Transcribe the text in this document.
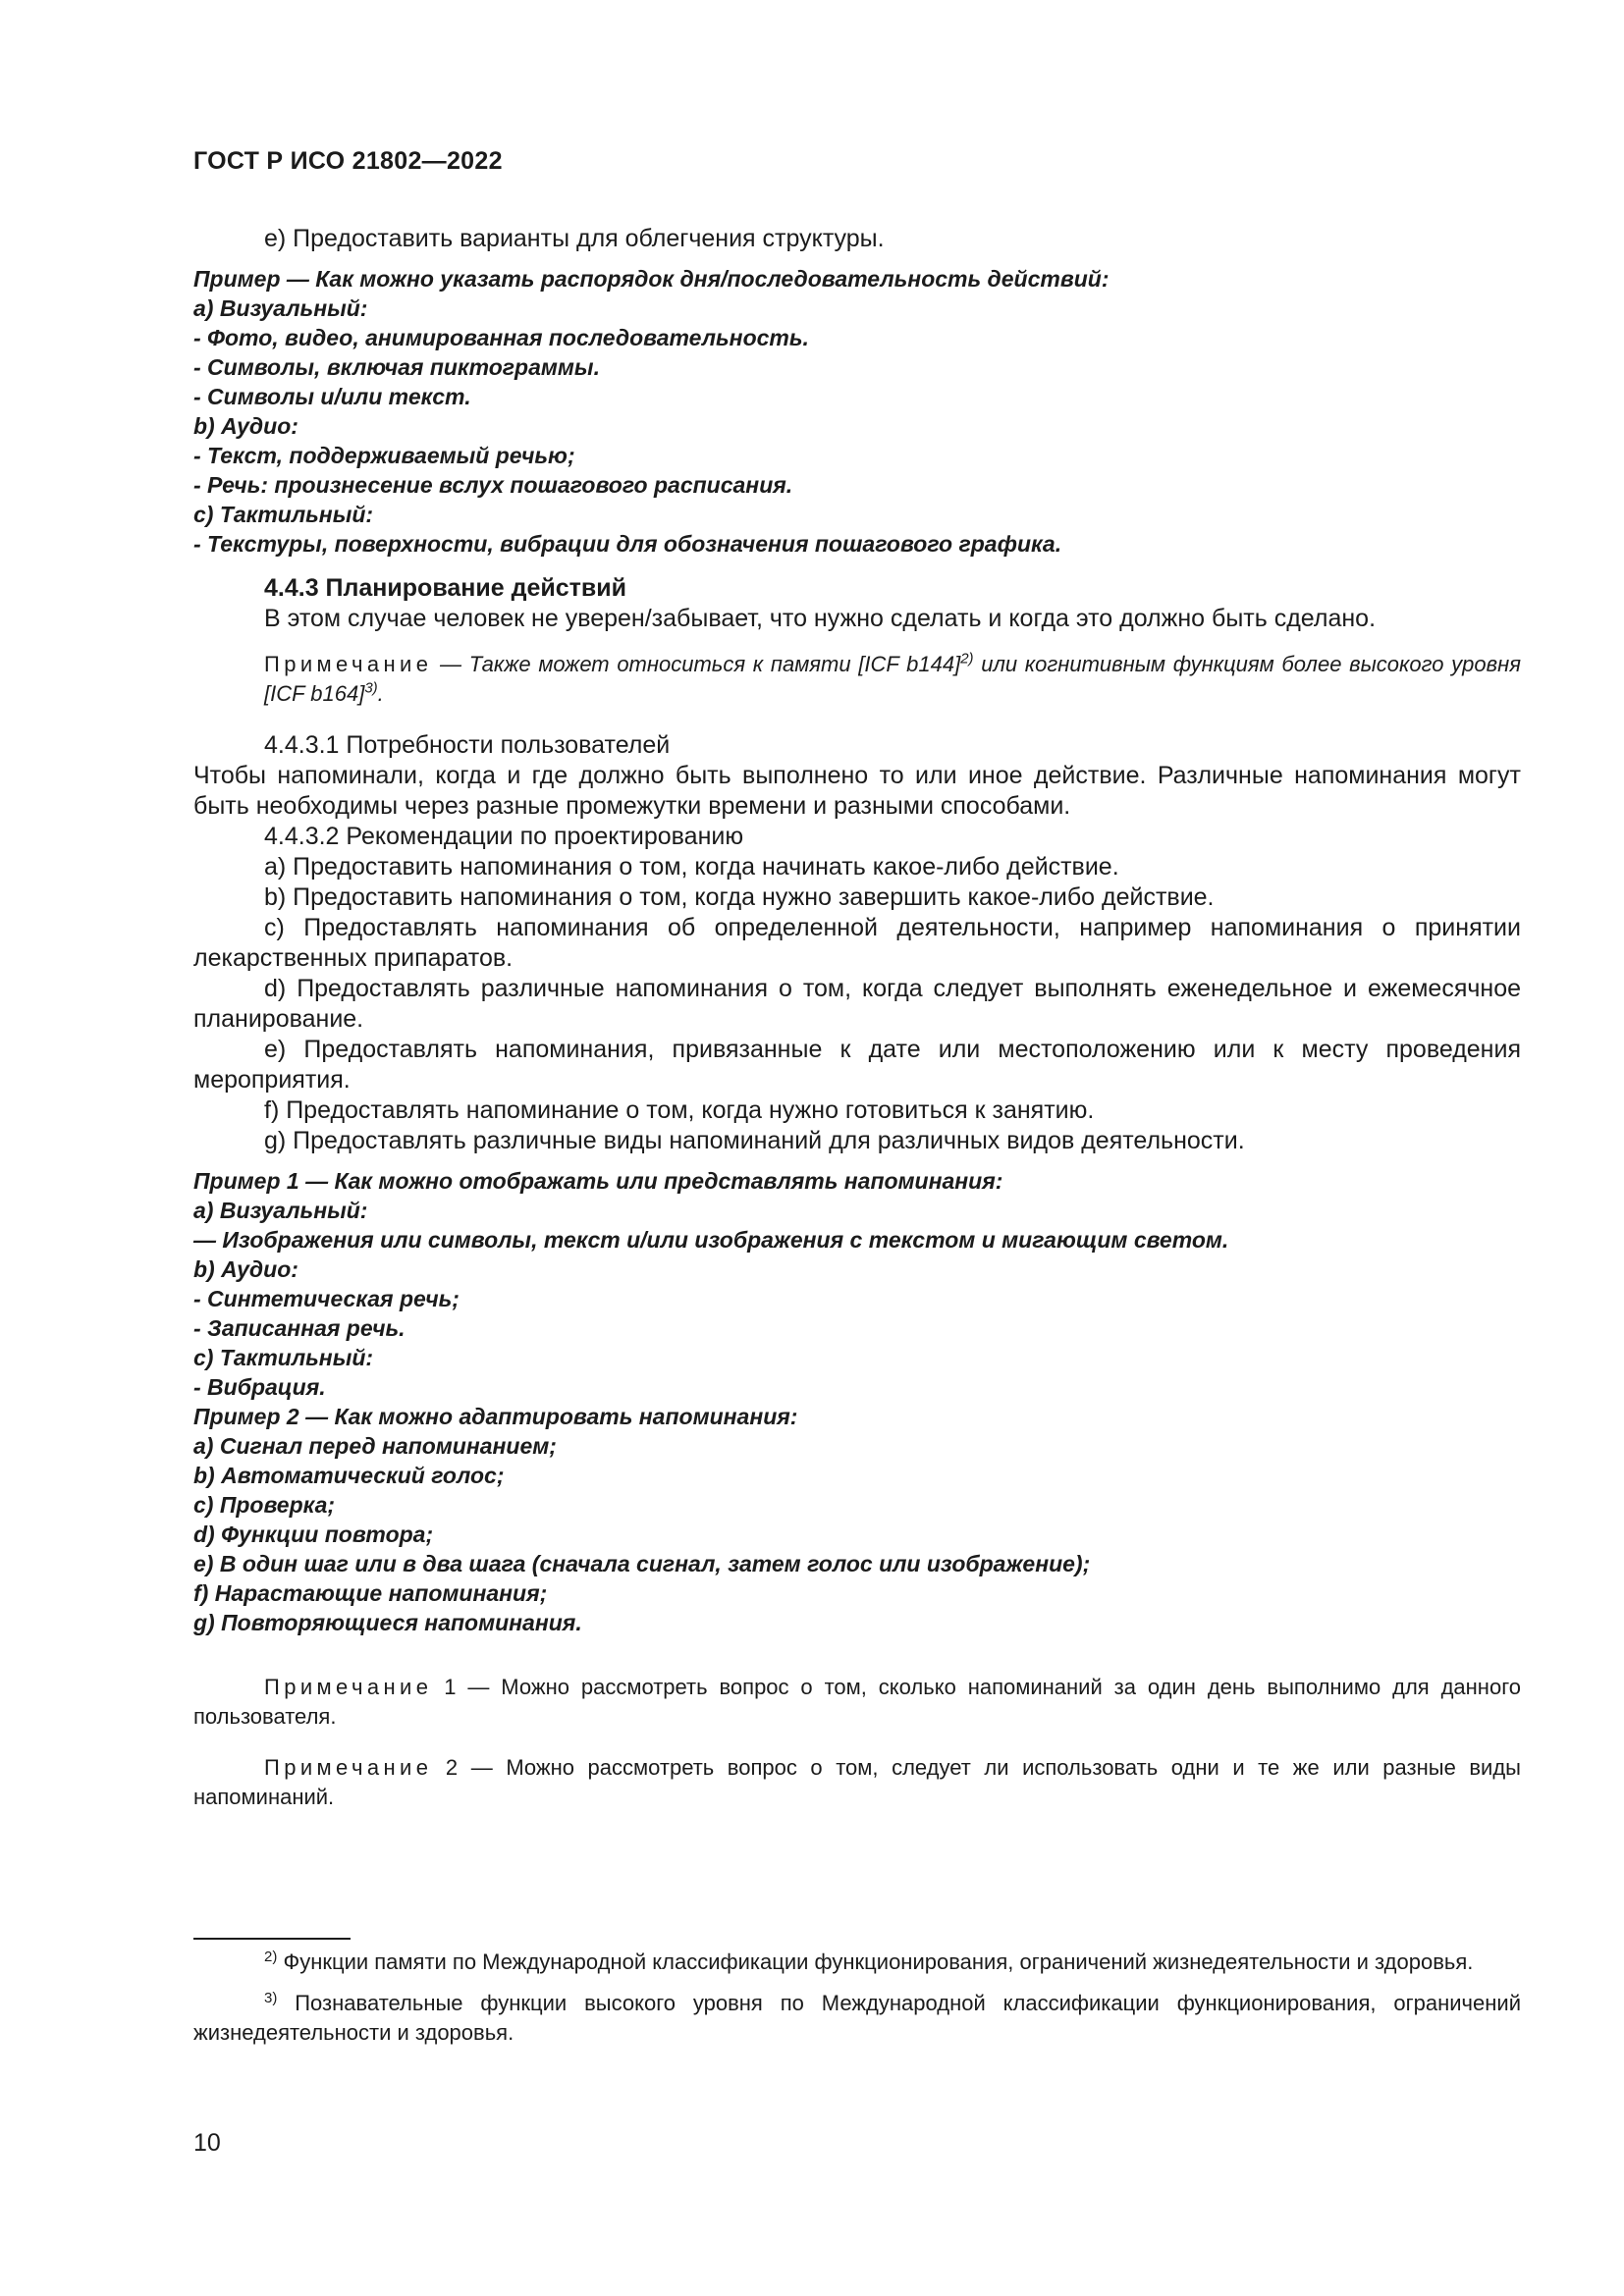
ГОСТ Р ИСО 21802—2022

e) Предоставить варианты для облегчения структуры.

Пример — Как можно указать распорядок дня/последовательность действий:

a) Визуальный:

- Фото, видео, анимированная последовательность.

- Символы, включая пиктограммы.

- Символы и/или текст.

b) Аудио:

- Текст, поддерживаемый речью;

- Речь: произнесение вслух пошагового расписания.

c) Тактильный:

- Текстуры, поверхности, вибрации для обозначения пошагового графика.

4.4.3 Планирование действий

В этом случае человек не уверен/забывает, что нужно сделать и когда это должно быть сделано.

Примечание — Также может относиться к памяти [ICF b144]$^{2)}$ или когнитивным функциям более высокого уровня [ICF b164]$^{3)}$.

4.4.3.1 Потребности пользователей

Чтобы напоминали, когда и где должно быть выполнено то или иное действие. Различные напоминания могут быть необходимы через разные промежутки времени и разными способами.

4.4.3.2 Рекомендации по проектированию

a) Предоставить напоминания о том, когда начинать какое-либо действие.

b) Предоставить напоминания о том, когда нужно завершить какое-либо действие.

c) Предоставлять напоминания об определенной деятельности, например напоминания о принятии лекарственных припаратов.

d) Предоставлять различные напоминания о том, когда следует выполнять еженедельное и ежемесячное планирование.

e) Предоставлять напоминания, привязанные к дате или местоположению или к месту проведения мероприятия.

f) Предоставлять напоминание о том, когда нужно готовиться к занятию.

g) Предоставлять различные виды напоминаний для различных видов деятельности.

Пример 1 — Как можно отображать или представлять напоминания:

a) Визуальный:

— Изображения или символы, текст и/или изображения с текстом и мигающим светом.

b) Аудио:

- Синтетическая речь;

- Записанная речь.

c) Тактильный:

- Вибрация.

Пример 2 — Как можно адаптировать напоминания:

a) Сигнал перед напоминанием;

b) Автоматический голос;

c) Проверка;

d) Функции повтора;

e) В один шаг или в два шага (сначала сигнал, затем голос или изображение);

f) Нарастающие напоминания;

g) Повторяющиеся напоминания.

Примечание 1 — Можно рассмотреть вопрос о том, сколько напоминаний за один день выполнимо для данного пользователя.

Примечание 2 — Можно рассмотреть вопрос о том, следует ли использовать одни и те же или разные виды напоминаний.

$^{2)}$ Функции памяти по Международной классификации функционирования, ограничений жизнедеятельности и здоровья.

$^{3)}$ Познавательные функции высокого уровня по Международной классификации функционирования, ограничений жизнедеятельности и здоровья.

10
